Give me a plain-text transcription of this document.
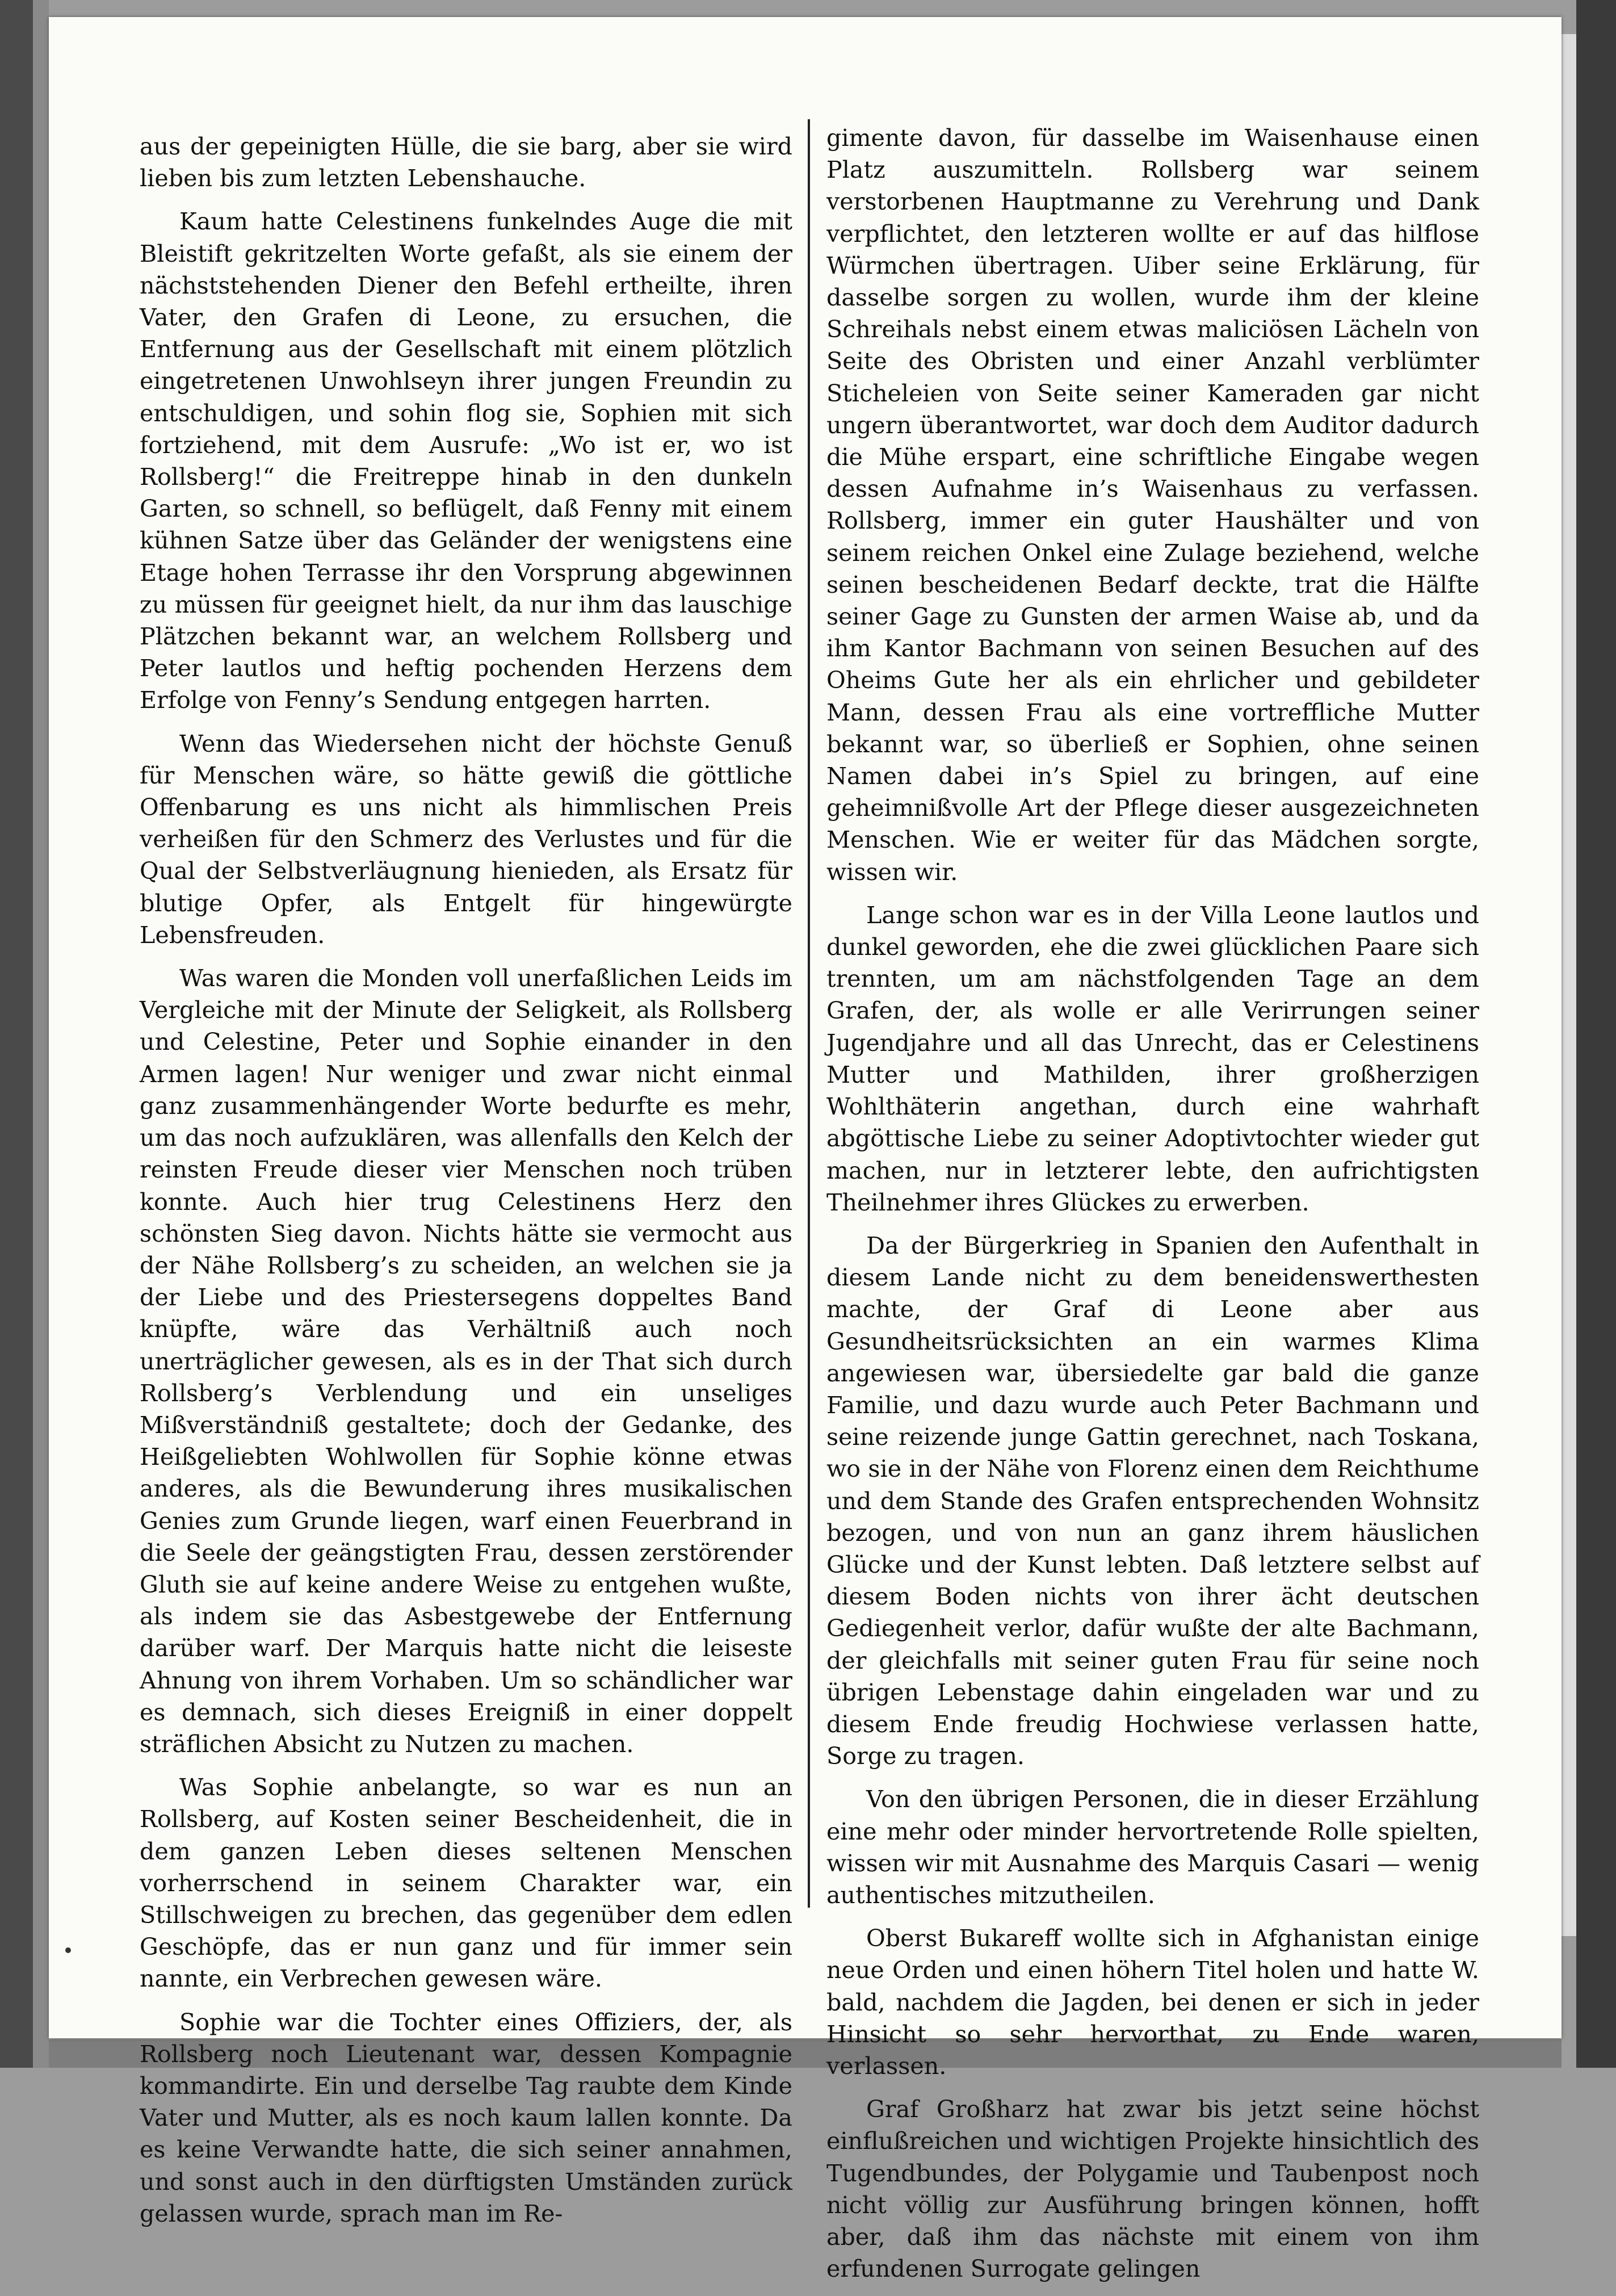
aus der gepeinigten Hülle, die sie barg, aber sie wird lieben bis zum letzten Lebenshauche.

Kaum hatte Celestinens funkelndes Auge die mit Bleistift gekritzelten Worte gefaßt, als sie einem der nächststehenden Diener den Befehl ertheilte, ihren Vater, den Grafen di Leone, zu ersuchen, die Entfernung aus der Gesellschaft mit einem plötzlich eingetretenen Unwohlseyn ihrer jungen Freundin zu entschuldigen, und sohin flog sie, Sophien mit sich fortziehend, mit dem Ausrufe: „Wo ist er, wo ist Rollsberg!“ die Freitreppe hinab in den dunkeln Garten, so schnell, so beflügelt, daß Fenny mit einem kühnen Satze über das Geländer der wenigstens eine Etage hohen Terrasse ihr den Vorsprung abgewinnen zu müssen für geeignet hielt, da nur ihm das lauschige Plätzchen bekannt war, an welchem Rollsberg und Peter lautlos und heftig pochenden Herzens dem Erfolge von Fenny’s Sendung entgegen harrten.

Wenn das Wiedersehen nicht der höchste Genuß für Menschen wäre, so hätte gewiß die göttliche Offenbarung es uns nicht als himmlischen Preis verheißen für den Schmerz des Verlustes und für die Qual der Selbstverläugnung hienieden, als Ersatz für blutige Opfer, als Entgelt für hingewürgte Lebensfreuden.

Was waren die Monden voll unerfaßlichen Leids im Vergleiche mit der Minute der Seligkeit, als Rollsberg und Celestine, Peter und Sophie einander in den Armen lagen! Nur weniger und zwar nicht einmal ganz zusammenhängender Worte bedurfte es mehr, um das noch aufzuklären, was allenfalls den Kelch der reinsten Freude dieser vier Menschen noch trüben konnte. Auch hier trug Celestinens Herz den schönsten Sieg davon. Nichts hätte sie vermocht aus der Nähe Rollsberg’s zu scheiden, an welchen sie ja der Liebe und des Priestersegens doppeltes Band knüpfte, wäre das Verhältniß auch noch unerträglicher gewesen, als es in der That sich durch Rollsberg’s Verblendung und ein unseliges Mißverständniß gestaltete; doch der Gedanke, des Heißgeliebten Wohlwollen für Sophie könne etwas anderes, als die Bewunderung ihres musikalischen Genies zum Grunde liegen, warf einen Feuerbrand in die Seele der geängstigten Frau, dessen zerstörender Gluth sie auf keine andere Weise zu entgehen wußte, als indem sie das Asbestgewebe der Entfernung darüber warf. Der Marquis hatte nicht die leiseste Ahnung von ihrem Vorhaben. Um so schändlicher war es demnach, sich dieses Ereigniß in einer doppelt sträflichen Absicht zu Nutzen zu machen.

Was Sophie anbelangte, so war es nun an Rollsberg, auf Kosten seiner Bescheidenheit, die in dem ganzen Leben dieses seltenen Menschen vorherrschend in seinem Charakter war, ein Stillschweigen zu brechen, das gegenüber dem edlen Geschöpfe, das er nun ganz und für immer sein nannte, ein Verbrechen gewesen wäre.

Sophie war die Tochter eines Offiziers, der, als Rollsberg noch Lieutenant war, dessen Kompagnie kommandirte. Ein und derselbe Tag raubte dem Kinde Vater und Mutter, als es noch kaum lallen konnte. Da es keine Verwandte hatte, die sich seiner annahmen, und sonst auch in den dürftigsten Umständen zurück gelassen wurde, sprach man im Re-

gimente davon, für dasselbe im Waisenhause einen Platz auszumitteln. Rollsberg war seinem verstorbenen Hauptmanne zu Verehrung und Dank verpflichtet, den letzteren wollte er auf das hilflose Würmchen übertragen. Uiber seine Erklärung, für dasselbe sorgen zu wollen, wurde ihm der kleine Schreihals nebst einem etwas maliciösen Lächeln von Seite des Obristen und einer Anzahl verblümter Sticheleien von Seite seiner Kameraden gar nicht ungern überantwortet, war doch dem Auditor dadurch die Mühe erspart, eine schriftliche Eingabe wegen dessen Aufnahme in’s Waisenhaus zu verfassen. Rollsberg, immer ein guter Haushälter und von seinem reichen Onkel eine Zulage beziehend, welche seinen bescheidenen Bedarf deckte, trat die Hälfte seiner Gage zu Gunsten der armen Waise ab, und da ihm Kantor Bachmann von seinen Besuchen auf des Oheims Gute her als ein ehrlicher und gebildeter Mann, dessen Frau als eine vortreffliche Mutter bekannt war, so überließ er Sophien, ohne seinen Namen dabei in’s Spiel zu bringen, auf eine geheimnißvolle Art der Pflege dieser ausgezeichneten Menschen. Wie er weiter für das Mädchen sorgte, wissen wir.

Lange schon war es in der Villa Leone lautlos und dunkel geworden, ehe die zwei glücklichen Paare sich trennten, um am nächstfolgenden Tage an dem Grafen, der, als wolle er alle Verirrungen seiner Jugendjahre und all das Unrecht, das er Celestinens Mutter und Mathilden, ihrer großherzigen Wohlthäterin angethan, durch eine wahrhaft abgöttische Liebe zu seiner Adoptivtochter wieder gut machen, nur in letzterer lebte, den aufrichtigsten Theilnehmer ihres Glückes zu erwerben.

Da der Bürgerkrieg in Spanien den Aufenthalt in diesem Lande nicht zu dem beneidenswerthesten machte, der Graf di Leone aber aus Gesundheitsrücksichten an ein warmes Klima angewiesen war, übersiedelte gar bald die ganze Familie, und dazu wurde auch Peter Bachmann und seine reizende junge Gattin gerechnet, nach Toskana, wo sie in der Nähe von Florenz einen dem Reichthume und dem Stande des Grafen entsprechenden Wohnsitz bezogen, und von nun an ganz ihrem häuslichen Glücke und der Kunst lebten. Daß letztere selbst auf diesem Boden nichts von ihrer ächt deutschen Gediegenheit verlor, dafür wußte der alte Bachmann, der gleichfalls mit seiner guten Frau für seine noch übrigen Lebenstage dahin eingeladen war und zu diesem Ende freudig Hochwiese verlassen hatte, Sorge zu tragen.

Von den übrigen Personen, die in dieser Erzählung eine mehr oder minder hervortretende Rolle spielten, wissen wir mit Ausnahme des Marquis Casari — wenig authentisches mitzutheilen.

Oberst Bukareff wollte sich in Afghanistan einige neue Orden und einen höhern Titel holen und hatte W. bald, nachdem die Jagden, bei denen er sich in jeder Hinsicht so sehr hervorthat, zu Ende waren, verlassen.

Graf Großharz hat zwar bis jetzt seine höchst einflußreichen und wichtigen Projekte hinsichtlich des Tugendbundes, der Polygamie und Taubenpost noch nicht völlig zur Ausführung bringen können, hofft aber, daß ihm das nächste mit einem von ihm erfundenen Surrogate gelingen
